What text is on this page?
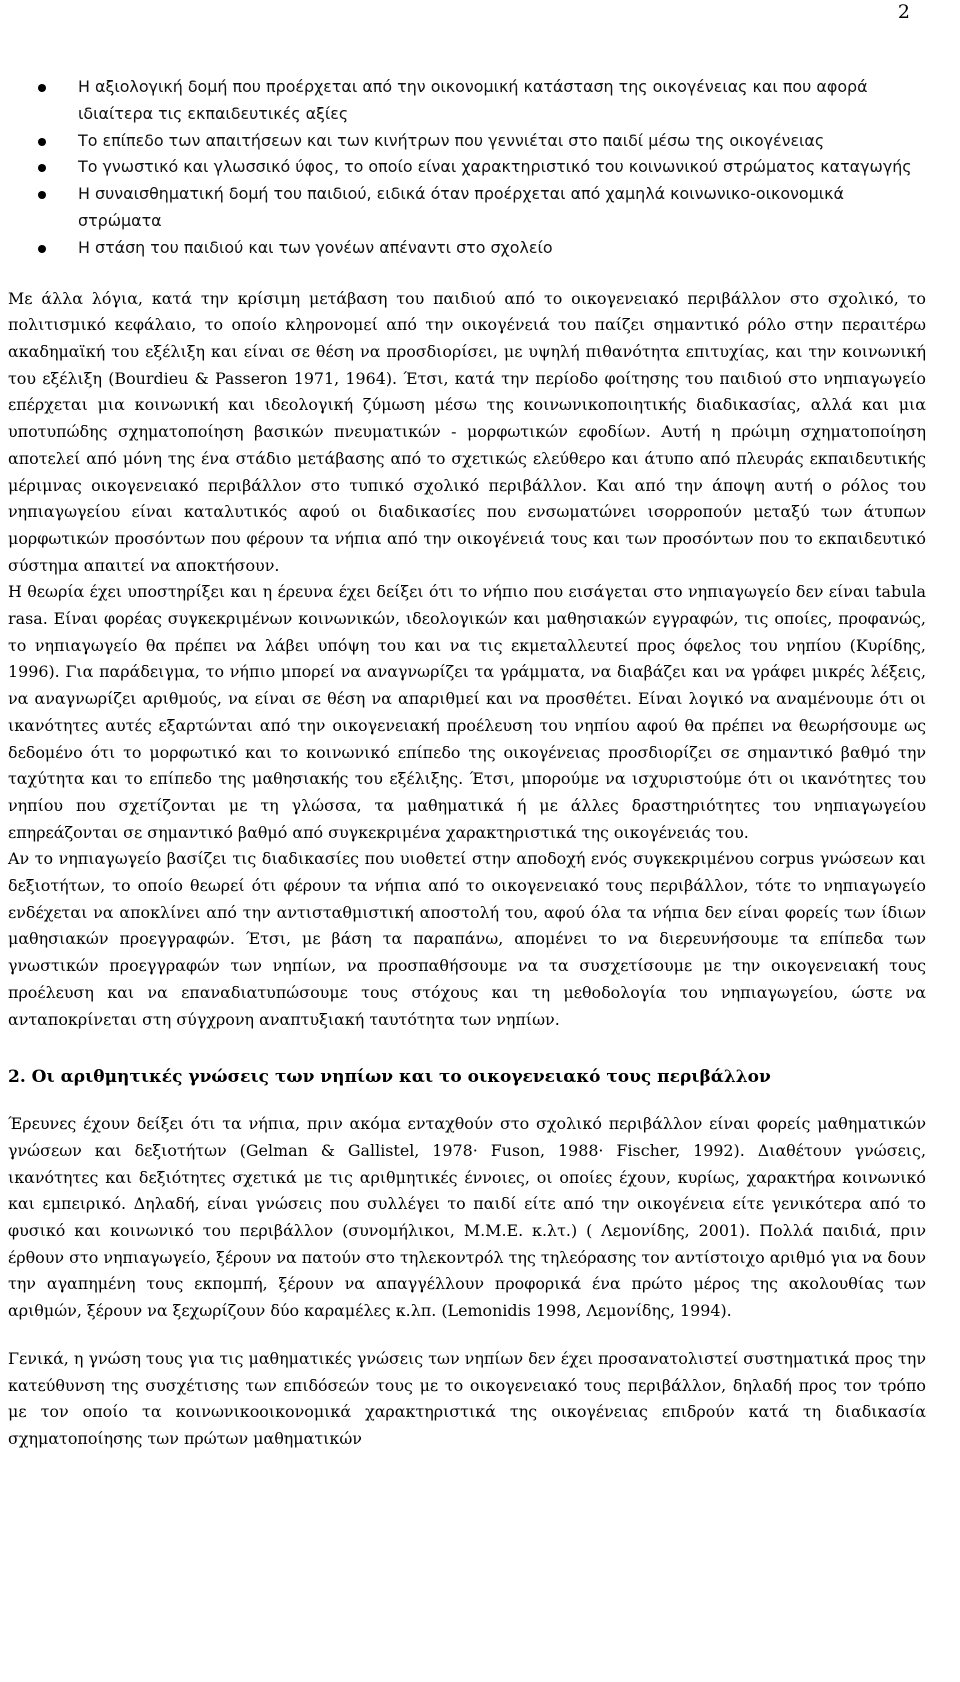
2
Η αξιολογική δομή που προέρχεται από την οικονομική κατάσταση της οικογένειας και που αφορά ιδιαίτερα τις εκπαιδευτικές αξίες
Το επίπεδο των απαιτήσεων και των κινήτρων που γεννιέται στο παιδί μέσω της οικογένειας
Το γνωστικό και γλωσσικό ύφος, το οποίο είναι χαρακτηριστικό του κοινωνικού στρώματος καταγωγής
Η συναισθηματική δομή του παιδιού, ειδικά όταν προέρχεται από χαμηλά κοινωνικο-οικονομικά στρώματα
Η στάση του παιδιού και των γονέων απέναντι στο σχολείο

Με άλλα λόγια, κατά την κρίσιμη μετάβαση του παιδιού από το οικογενειακό περιβάλλον στο σχολικό, το πολιτισμικό κεφάλαιο, το οποίο κληρονομεί από την οικογένειά του παίζει σημαντικό ρόλο στην περαιτέρω ακαδημαϊκή του εξέλιξη και είναι σε θέση να προσδιορίσει, με υψηλή πιθανότητα επιτυχίας, και την κοινωνική του εξέλιξη (Bourdieu & Passeron 1971, 1964). Έτσι, κατά την περίοδο φοίτησης του παιδιού στο νηπιαγωγείο επέρχεται μια κοινωνική και ιδεολογική ζύμωση μέσω της κοινωνικοποιητικής διαδικασίας, αλλά και μια υποτυπώδης σχηματοποίηση βασικών πνευματικών - μορφωτικών εφοδίων. Αυτή η πρώιμη σχηματοποίηση αποτελεί από μόνη της ένα στάδιο μετάβασης από το σχετικώς ελεύθερο και άτυπο από πλευράς εκπαιδευτικής μέριμνας οικογενειακό περιβάλλον στο τυπικό σχολικό περιβάλλον. Και από την άποψη αυτή ο ρόλος του νηπιαγωγείου είναι καταλυτικός αφού οι διαδικασίες που ενσωματώνει ισορροπούν μεταξύ των άτυπων μορφωτικών προσόντων που φέρουν τα νήπια από την οικογένειά τους και των προσόντων που το εκπαιδευτικό σύστημα απαιτεί να αποκτήσουν.

Η θεωρία έχει υποστηρίξει και η έρευνα έχει δείξει ότι το νήπιο που εισάγεται στο νηπιαγωγείο δεν είναι tabula rasa. Είναι φορέας συγκεκριμένων κοινωνικών, ιδεολογικών και μαθησιακών εγγραφών, τις οποίες, προφανώς, το νηπιαγωγείο θα πρέπει να λάβει υπόψη του και να τις εκμεταλλευτεί προς όφελος του νηπίου (Κυρίδης, 1996). Για παράδειγμα, το νήπιο μπορεί να αναγνωρίζει τα γράμματα, να διαβάζει και να γράφει μικρές λέξεις, να αναγνωρίζει αριθμούς, να είναι σε θέση να απαριθμεί και να προσθέτει. Είναι λογικό να αναμένουμε ότι οι ικανότητες αυτές εξαρτώνται από την οικογενειακή προέλευση του νηπίου αφού θα πρέπει να θεωρήσουμε ως δεδομένο ότι το μορφωτικό και το κοινωνικό επίπεδο της οικογένειας προσδιορίζει σε σημαντικό βαθμό την ταχύτητα και το επίπεδο της μαθησιακής του εξέλιξης. Έτσι, μπορούμε να ισχυριστούμε ότι οι ικανότητες του νηπίου που σχετίζονται με τη γλώσσα, τα μαθηματικά ή με άλλες δραστηριότητες του νηπιαγωγείου επηρεάζονται σε σημαντικό βαθμό από συγκεκριμένα χαρακτηριστικά της οικογένειάς του.

Αν το νηπιαγωγείο βασίζει τις διαδικασίες που υιοθετεί στην αποδοχή ενός συγκεκριμένου corpus γνώσεων και δεξιοτήτων, το οποίο θεωρεί ότι φέρουν τα νήπια από το οικογενειακό τους περιβάλλον, τότε το νηπιαγωγείο ενδέχεται να αποκλίνει από την αντισταθμιστική αποστολή του, αφού όλα τα νήπια δεν είναι φορείς των ίδιων μαθησιακών προεγγραφών. Έτσι, με βάση τα παραπάνω, απομένει το να διερευνήσουμε τα επίπεδα των γνωστικών προεγγραφών των νηπίων, να προσπαθήσουμε να τα συσχετίσουμε με την οικογενειακή τους προέλευση και να επαναδιατυπώσουμε τους στόχους και τη μεθοδολογία του νηπιαγωγείου, ώστε να ανταποκρίνεται στη σύγχρονη αναπτυξιακή ταυτότητα των νηπίων.

2. Οι αριθμητικές γνώσεις των νηπίων και το οικογενειακό τους περιβάλλον

Έρευνες έχουν δείξει ότι τα νήπια, πριν ακόμα ενταχθούν στο σχολικό περιβάλλον είναι φορείς μαθηματικών γνώσεων και δεξιοτήτων (Gelman & Gallistel, 1978· Fuson, 1988· Fischer, 1992). Διαθέτουν γνώσεις, ικανότητες και δεξιότητες σχετικά με τις αριθμητικές έννοιες, οι οποίες έχουν, κυρίως, χαρακτήρα κοινωνικό και εμπειρικό. Δηλαδή, είναι γνώσεις που συλλέγει το παιδί είτε από την οικογένεια είτε γενικότερα από το φυσικό και κοινωνικό του περιβάλλον (συνομήλικοι, Μ.Μ.Ε. κ.λτ.) ( Λεμονίδης, 2001). Πολλά παιδιά, πριν έρθουν στο νηπιαγωγείο, ξέρουν να πατούν στο τηλεκοντρόλ της τηλεόρασης τον αντίστοιχο αριθμό για να δουν την αγαπημένη τους εκπομπή, ξέρουν να απαγγέλλουν προφορικά ένα πρώτο μέρος της ακολουθίας των αριθμών, ξέρουν να ξεχωρίζουν δύο καραμέλες κ.λπ. (Lemonidis 1998, Λεμονίδης, 1994).

Γενικά, η γνώση τους για τις μαθηματικές γνώσεις των νηπίων δεν έχει προσανατολιστεί συστηματικά προς την κατεύθυνση της συσχέτισης των επιδόσεών τους με το οικογενειακό τους περιβάλλον, δηλαδή προς τον τρόπο με τον οποίο τα κοινωνικοοικονομικά χαρακτηριστικά της οικογένειας επιδρούν κατά τη διαδικασία σχηματοποίησης των πρώτων μαθηματικών
